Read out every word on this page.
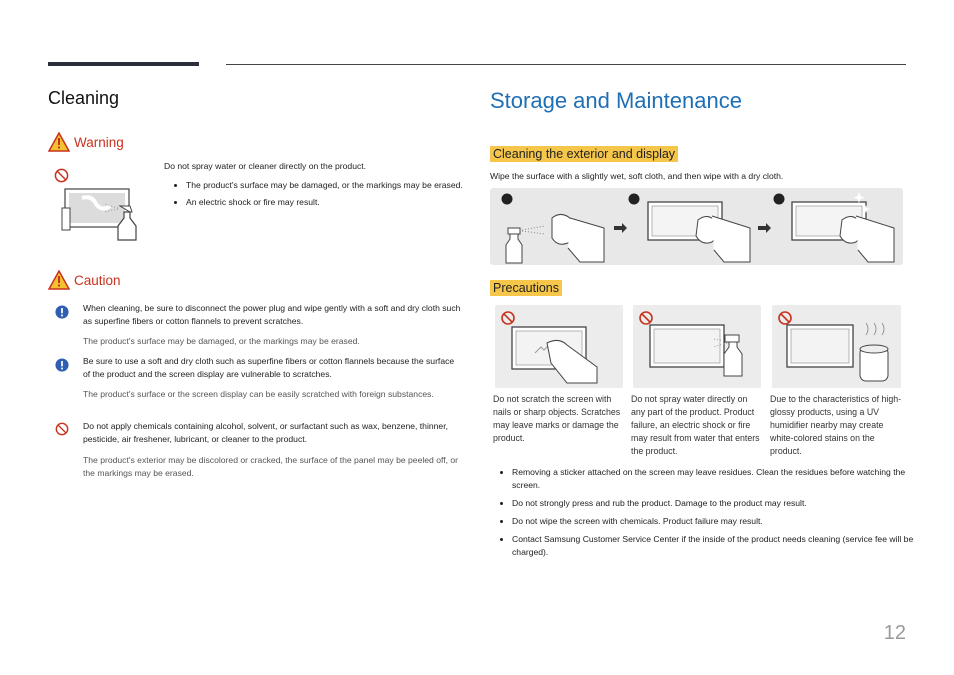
Cleaning	Storage and Maintenance
Warning
Do not spray water or cleaner directly on the product.
• The product's surface may be damaged, or the markings may be erased.
• An electric shock or fire may result.
Caution
When cleaning, be sure to disconnect the power plug and wipe gently with a soft and dry cloth such as superfine fibers or cotton flannels to prevent scratches.
The product's surface may be damaged, or the markings may be erased.
Be sure to use a soft and dry cloth such as superfine fibers or cotton flannels because the surface of the product and the screen display are vulnerable to scratches.
The product's surface or the screen display can be easily scratched with foreign substances.
Do not apply chemicals containing alcohol, solvent, or surfactant such as wax, benzene, thinner, pesticide, air freshener, lubricant, or cleaner to the product.
The product's exterior may be discolored or cracked, the surface of the panel may be peeled off, or the markings may be erased.
Cleaning the exterior and display
Wipe the surface with a slightly wet, soft cloth, and then wipe with a dry cloth.
Precautions
Do not scratch the screen with nails or sharp objects. Scratches may leave marks or damage the product.
Do not spray water directly on any part of the product. Product failure, an electric shock or fire may result from water that enters the product.
Due to the characteristics of high-glossy products, using a UV humidifier nearby may create white-colored stains on the product.
• Removing a sticker attached on the screen may leave residues. Clean the residues before watching the screen.
• Do not strongly press and rub the product. Damage to the product may result.
• Do not wipe the screen with chemicals. Product failure may result.
• Contact Samsung Customer Service Center if the inside of the product needs cleaning (service fee will be charged).
12
